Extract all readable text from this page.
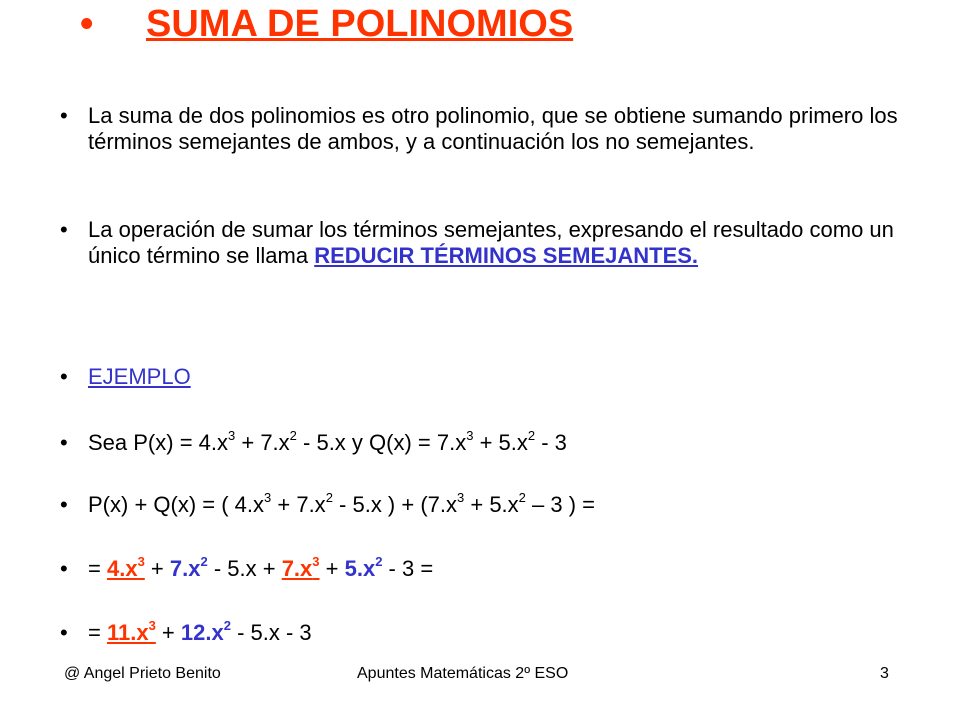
• SUMA DE POLINOMIOS
• La suma de dos polinomios es otro polinomio, que se obtiene sumando primero los términos semejantes de ambos, y a continuación los no semejantes.
• La operación de sumar los términos semejantes, expresando el resultado como un único término se llama REDUCIR TÉRMINOS SEMEJANTES.
• EJEMPLO
• Sea $P(x) = 4.x^3 + 7.x^2 - 5.x$ y $Q(x) = 7.x^3 + 5.x^2 - 3$
• P(x) + Q(x) = ( $4.x^3 + 7.x^2 - 5.x$ ) + ($7.x^3 + 5.x^2 - 3$ ) =
• = $4.x^3 + 7.x^2 - 5.x + 7.x^3 + 5.x^2 - 3$ =
• = $11.x^3 + 12.x^2 - 5.x - 3$
@ Angel Prieto Benito	Apuntes Matemáticas 2º ESO	3
